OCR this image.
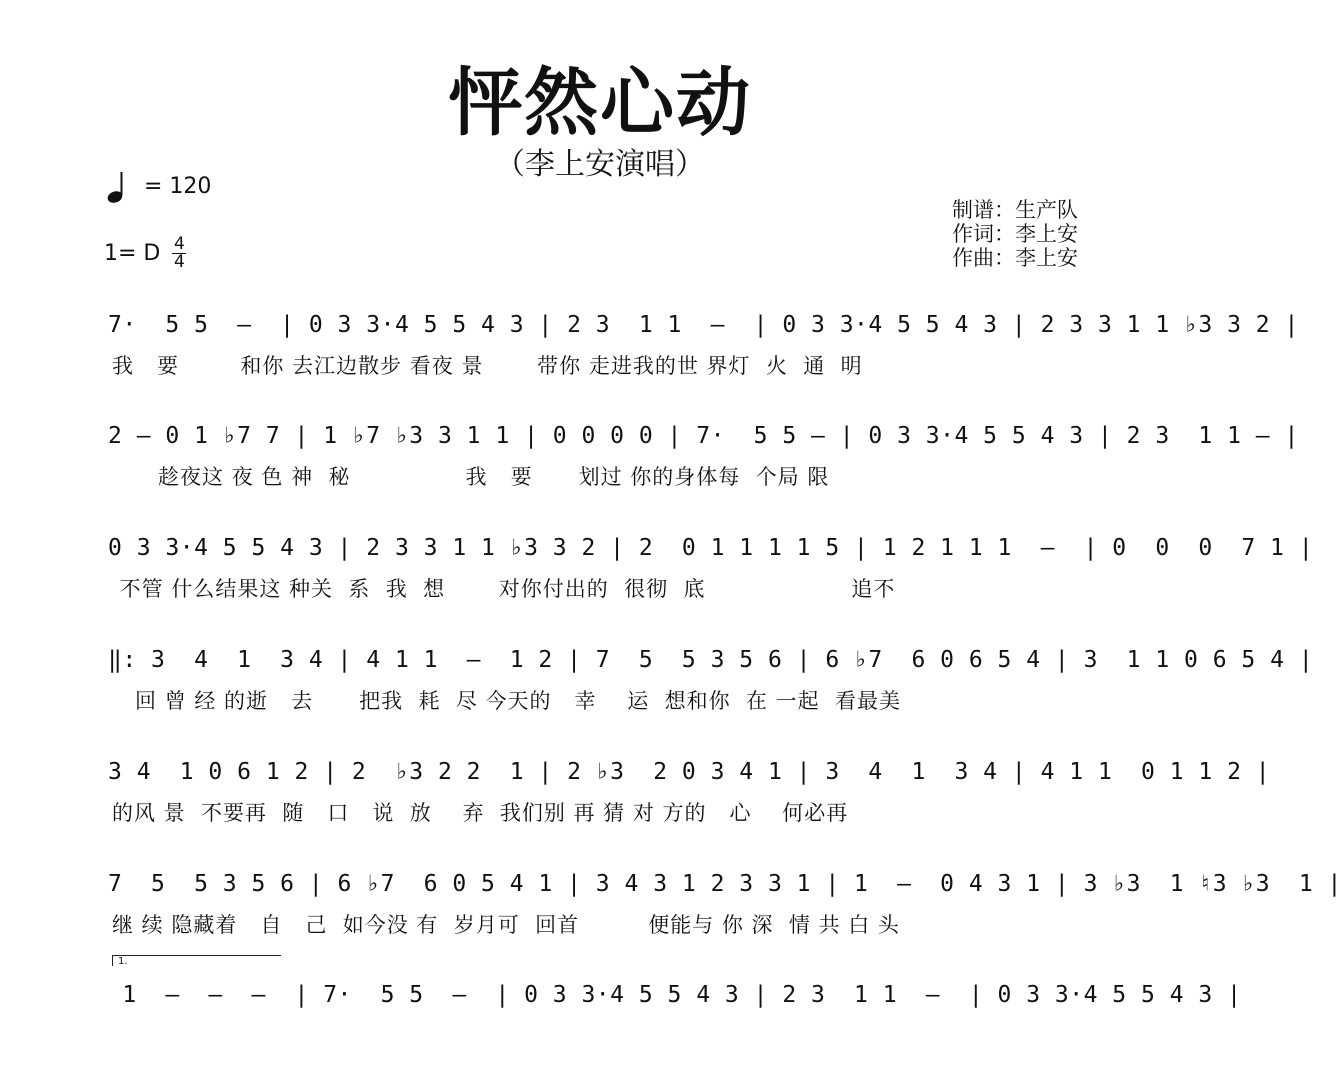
怦然心动
（李上安演唱）
= 120
1= D $\frac{4}{4}$
制谱：生产队
作词：李上安
作曲：李上安
7·  5 5  —  | 0 3 3·4 5 5 4 3 | 2 3  1 1  —  | 0 3 3·4 5 5 4 3 | 2 3 3 1 1 ♭3 3 2 |
我   要        和你 去江边散步 看夜 景       带你 走进我的世 界灯  火  通  明
2 — 0 1 ♭7 7 | 1 ♭7 ♭3 3 1 1 | 0 0 0 0 | 7·  5 5 — | 0 3 3·4 5 5 4 3 | 2 3  1 1 — |
趁夜这 夜 色 神  秘               我   要      划过 你的身体每  个局 限
0 3 3·4 5 5 4 3 | 2 3 3 1 1 ♭3 3 2 | 2  0 1 1 1 1 5 | 1 2 1 1 1  —  | 0  0  0  7 1 |
不管 什么结果这 种关  系  我  想       对你付出的  很彻  底                   追不
‖: 3  4  1  3 4 | 4 1 1  —  1 2 | 7  5  5 3 5 6 | 6 ♭7  6 0 6 5 4 | 3  1 1 0 6 5 4 |
回 曾 经 的逝   去      把我  耗  尽 今天的   幸    运  想和你  在 一起  看最美
3 4  1 0 6 1 2 | 2  ♭3 2 2  1 | 2 ♭3  2 0 3 4 1 | 3  4  1  3 4 | 4 1 1  0 1 1 2 |
的风 景  不要再  随   口   说  放    弃  我们别 再 猜 对 方的   心    何必再
7  5  5 3 5 6 | 6 ♭7  6 0 5 4 1 | 3 4 3 1 2 3 3 1 | 1  —  0 4 3 1 | 3 ♭3  1 ♮3 ♭3  1 |
继 续 隐藏着   自   己  如今没 有  岁月可  回首         便能与 你 深  情 共 白 头
1.
1  —  —  —  | 7·  5 5  —  | 0 3 3·4 5 5 4 3 | 2 3  1 1  —  | 0 3 3·4 5 5 4 3 |
